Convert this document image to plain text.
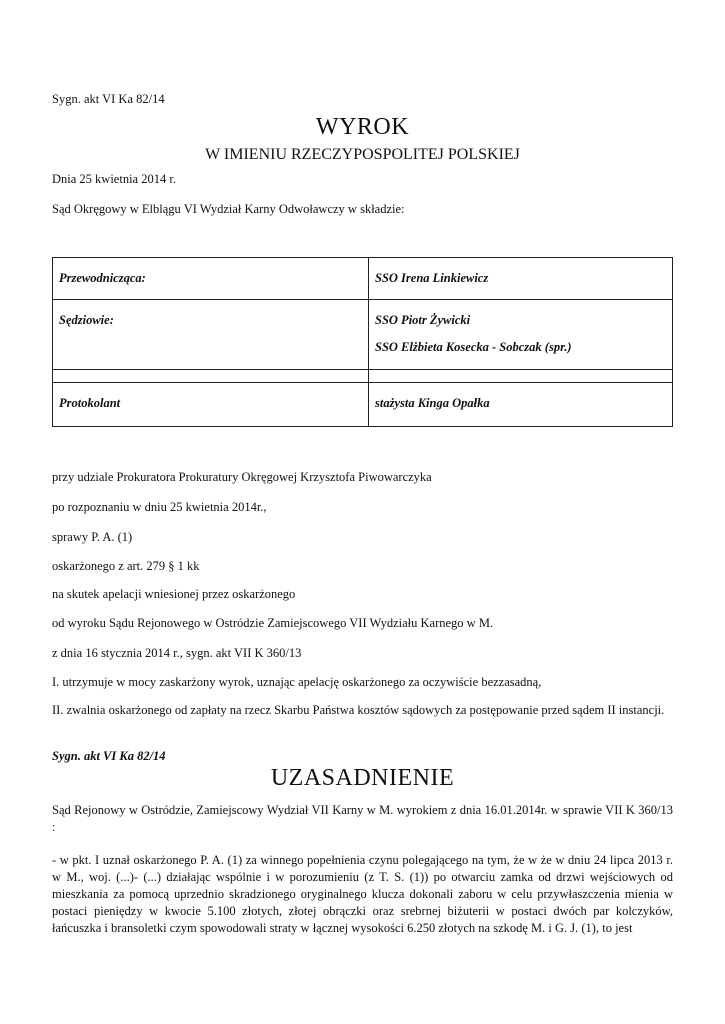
Sygn. akt VI Ka 82/14
WYROK
W IMIENIU RZECZYPOSPOLITEJ POLSKIEJ
Dnia 25 kwietnia 2014 r.
Sąd Okręgowy w Elblągu VI Wydział Karny Odwoławczy w składzie:
Przewodnicząca:	SSO Irena Linkiewicz
Sędziowie:	SSO Piotr Żywicki
SSO Elżbieta Kosecka - Sobczak (spr.)

Protokolant	stażysta Kinga Opałka
przy udziale Prokuratora Prokuratury Okręgowej Krzysztofa Piwowarczyka
po rozpoznaniu w dniu 25 kwietnia 2014r.,
sprawy P. A. (1)
oskarżonego z art. 279 § 1 kk
na skutek apelacji wniesionej przez oskarżonego
od wyroku Sądu Rejonowego w Ostródzie Zamiejscowego VII Wydziału Karnego w M.
z dnia 16 stycznia 2014 r., sygn. akt VII K 360/13
I. utrzymuje w mocy zaskarżony wyrok, uznając apelację oskarżonego za oczywiście bezzasadną,
II. zwalnia oskarżonego od zapłaty na rzecz Skarbu Państwa kosztów sądowych za postępowanie przed sądem II instancji.
Sygn. akt VI Ka 82/14
UZASADNIENIE
Sąd Rejonowy w Ostródzie, Zamiejscowy Wydział VII Karny w M. wyrokiem z dnia 16.01.2014r. w sprawie VII K 360/13 :
- w pkt. I uznał oskarżonego P. A. (1) za winnego popełnienia czynu polegającego na tym, że w że w dniu 24 lipca 2013 r. w M., woj. (...)- (...) działając wspólnie i w porozumieniu (z T. S. (1)) po otwarciu zamka od drzwi wejściowych od mieszkania za pomocą uprzednio skradzionego oryginalnego klucza dokonali zaboru w celu przywłaszczenia mienia w postaci pieniędzy w kwocie 5.100 złotych, złotej obrączki oraz srebrnej biżuterii w postaci dwóch par kolczyków, łańcuszka i bransoletki czym spowodowali straty w łącznej wysokości 6.250 złotych na szkodę M. i G. J. (1), to jest
